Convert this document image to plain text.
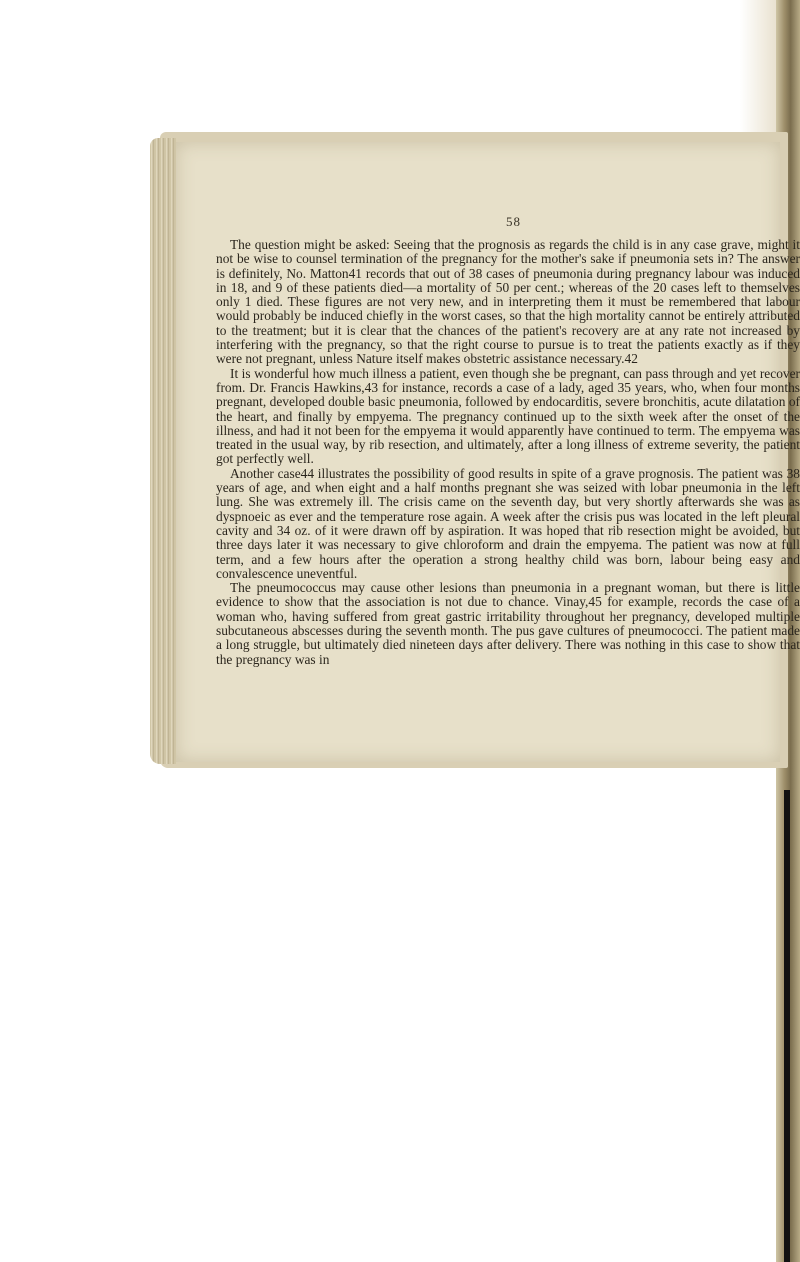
58

The question might be asked: Seeing that the prognosis as regards the child is in any case grave, might it not be wise to counsel termination of the pregnancy for the mother's sake if pneumonia sets in? The answer is definitely, No. Matton41 records that out of 38 cases of pneumonia during pregnancy labour was induced in 18, and 9 of these patients died—a mortality of 50 per cent.; whereas of the 20 cases left to themselves only 1 died. These figures are not very new, and in interpreting them it must be remembered that labour would probably be induced chiefly in the worst cases, so that the high mortality cannot be entirely attributed to the treatment; but it is clear that the chances of the patient's recovery are at any rate not increased by interfering with the pregnancy, so that the right course to pursue is to treat the patients exactly as if they were not pregnant, unless Nature itself makes obstetric assistance necessary.42

It is wonderful how much illness a patient, even though she be pregnant, can pass through and yet recover from. Dr. Francis Hawkins,43 for instance, records a case of a lady, aged 35 years, who, when four months pregnant, developed double basic pneumonia, followed by endocarditis, severe bronchitis, acute dilatation of the heart, and finally by empyema. The pregnancy continued up to the sixth week after the onset of the illness, and had it not been for the empyema it would apparently have continued to term. The empyema was treated in the usual way, by rib resection, and ultimately, after a long illness of extreme severity, the patient got perfectly well.

Another case44 illustrates the possibility of good results in spite of a grave prognosis. The patient was 38 years of age, and when eight and a half months pregnant she was seized with lobar pneumonia in the left lung. She was extremely ill. The crisis came on the seventh day, but very shortly afterwards she was as dyspnoeic as ever and the temperature rose again. A week after the crisis pus was located in the left pleural cavity and 34 oz. of it were drawn off by aspiration. It was hoped that rib resection might be avoided, but three days later it was necessary to give chloroform and drain the empyema. The patient was now at full term, and a few hours after the operation a strong healthy child was born, labour being easy and convalescence uneventful.

The pneumococcus may cause other lesions than pneumonia in a pregnant woman, but there is little evidence to show that the association is not due to chance. Vinay,45 for example, records the case of a woman who, having suffered from great gastric irritability throughout her pregnancy, developed multiple subcutaneous abscesses during the seventh month. The pus gave cultures of pneumococci. The patient made a long struggle, but ultimately died nineteen days after delivery. There was nothing in this case to show that the pregnancy was in
